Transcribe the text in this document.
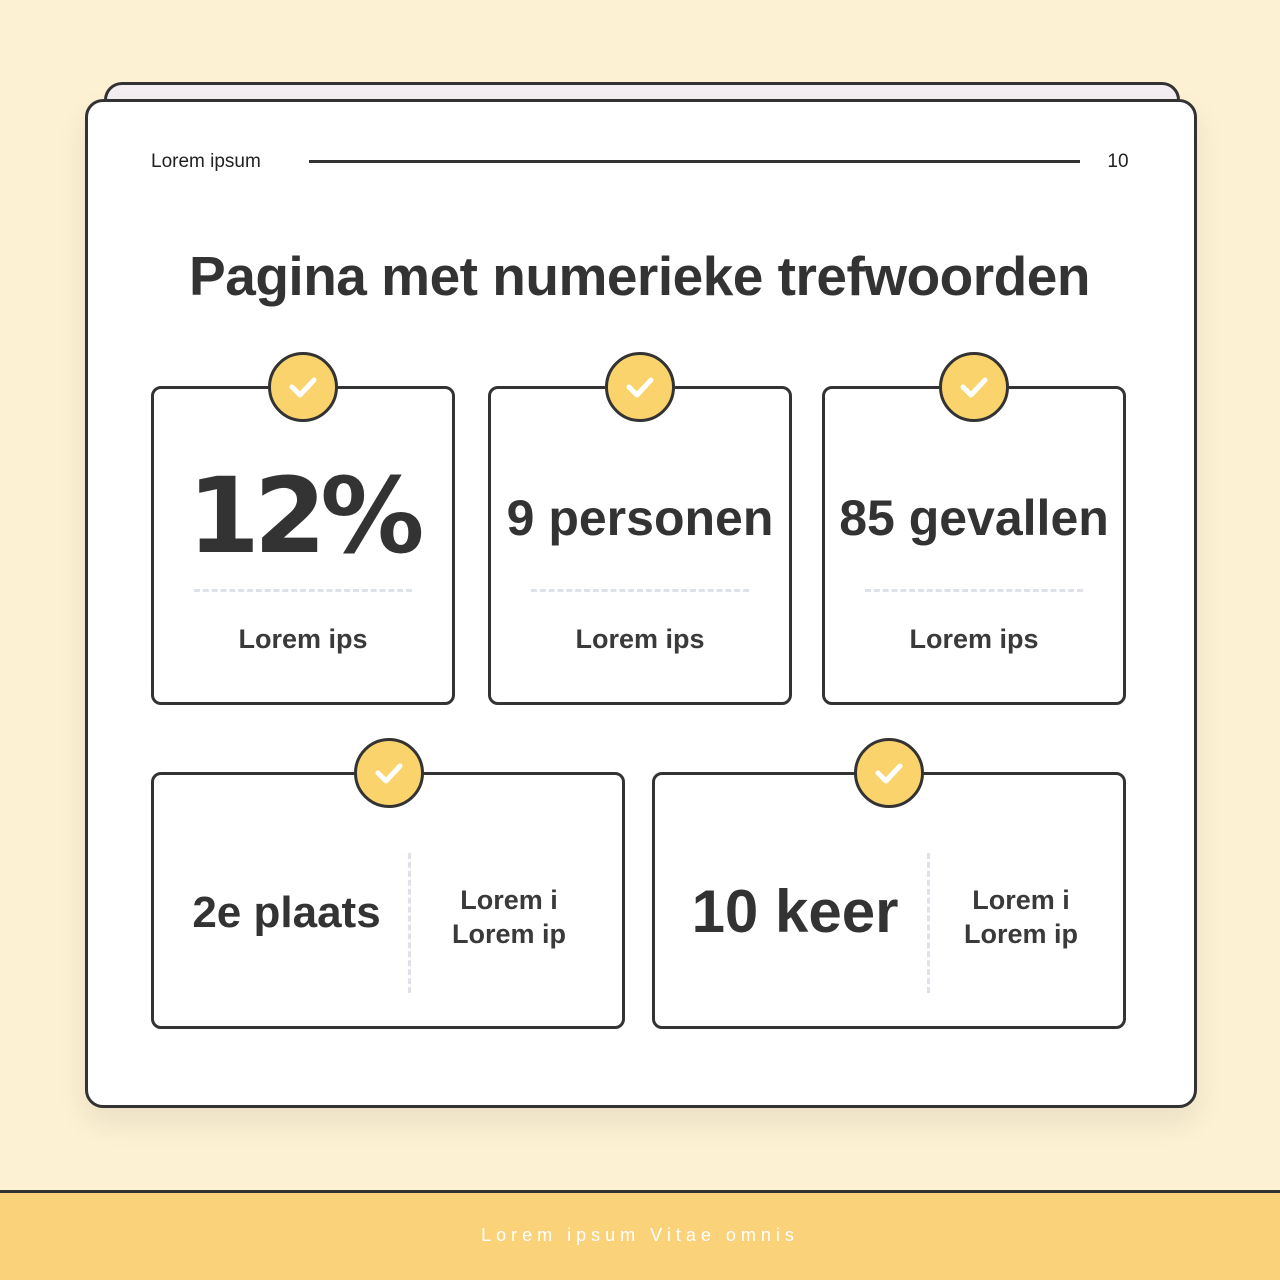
Lorem ipsum	10
Pagina met numerieke trefwoorden
12%
Lorem ips
9 personen
Lorem ips
85 gevallen
Lorem ips
2e plaats	Lorem i
Lorem ip	10 keer	Lorem i
Lorem ip
Lorem ipsum Vitae omnis
